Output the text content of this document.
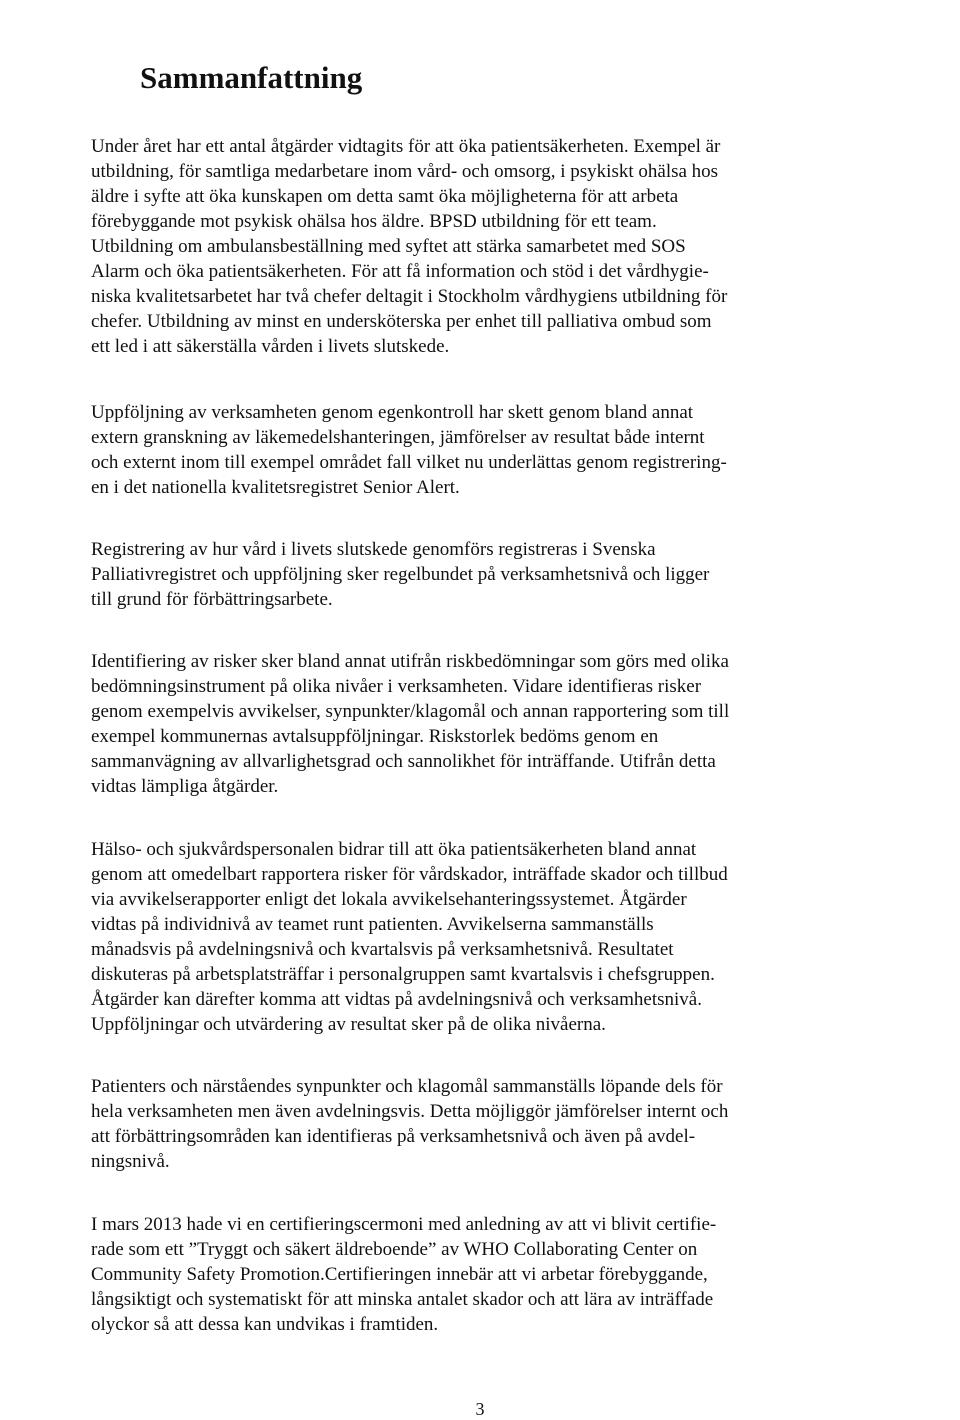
Sammanfattning

Under året har ett antal åtgärder vidtagits för att öka patientsäkerheten. Exempel är
utbildning, för samtliga medarbetare inom vård- och omsorg, i psykiskt ohälsa hos
äldre i syfte att öka kunskapen om detta samt öka möjligheterna för att arbeta
förebyggande mot psykisk ohälsa hos äldre. BPSD utbildning för ett team.
Utbildning om ambulansbeställning med syftet att stärka samarbetet med SOS
Alarm och öka patientsäkerheten. För att få information och stöd i det vårdhygie-
niska kvalitetsarbetet har två chefer deltagit i Stockholm vårdhygiens utbildning för
chefer. Utbildning av minst en undersköterska per enhet till palliativa ombud som
ett led i att säkerställa vården i livets slutskede.

Uppföljning av verksamheten genom egenkontroll har skett genom bland annat
extern granskning av läkemedelshanteringen, jämförelser av resultat både internt
och externt inom till exempel området fall vilket nu underlättas genom registrering-
en i det nationella kvalitetsregistret Senior Alert.

Registrering av hur vård i livets slutskede genomförs registreras i Svenska
Palliativregistret och uppföljning sker regelbundet på verksamhetsnivå och ligger
till grund för förbättringsarbete.

Identifiering av risker sker bland annat utifrån riskbedömningar som görs med olika
bedömningsinstrument på olika nivåer i verksamheten. Vidare identifieras risker
genom exempelvis avvikelser, synpunkter/klagomål och annan rapportering som till
exempel kommunernas avtalsuppföljningar. Riskstorlek bedöms genom en
sammanvägning av allvarlighetsgrad och sannolikhet för inträffande. Utifrån detta
vidtas lämpliga åtgärder.

Hälso- och sjukvårdspersonalen bidrar till att öka patientsäkerheten bland annat
genom att omedelbart rapportera risker för vårdskador, inträffade skador och tillbud
via avvikelserapporter enligt det lokala avvikelsehanteringssystemet. Åtgärder
vidtas på individnivå av teamet runt patienten. Avvikelserna sammanställs
månadsvis på avdelningsnivå och kvartalsvis på verksamhetsnivå. Resultatet
diskuteras på arbetsplatsträffar i personalgruppen samt kvartalsvis i chefsgruppen.
Åtgärder kan därefter komma att vidtas på avdelningsnivå och verksamhetsnivå.
Uppföljningar och utvärdering av resultat sker på de olika nivåerna.

Patienters och närståendes synpunkter och klagomål sammanställs löpande dels för
hela verksamheten men även avdelningsvis. Detta möjliggör jämförelser internt och
att förbättringsområden kan identifieras på verksamhetsnivå och även på avdel-
ningsnivå.

I mars 2013 hade vi en certifieringscermoni med anledning av att vi blivit certifie-
rade som ett ”Tryggt och säkert äldreboende” av WHO Collaborating Center on
Community Safety Promotion.Certifieringen innebär att vi arbetar förebyggande,
långsiktigt och systematiskt för att minska antalet skador och att lära av inträffade
olyckor så att dessa kan undvikas i framtiden.

3
